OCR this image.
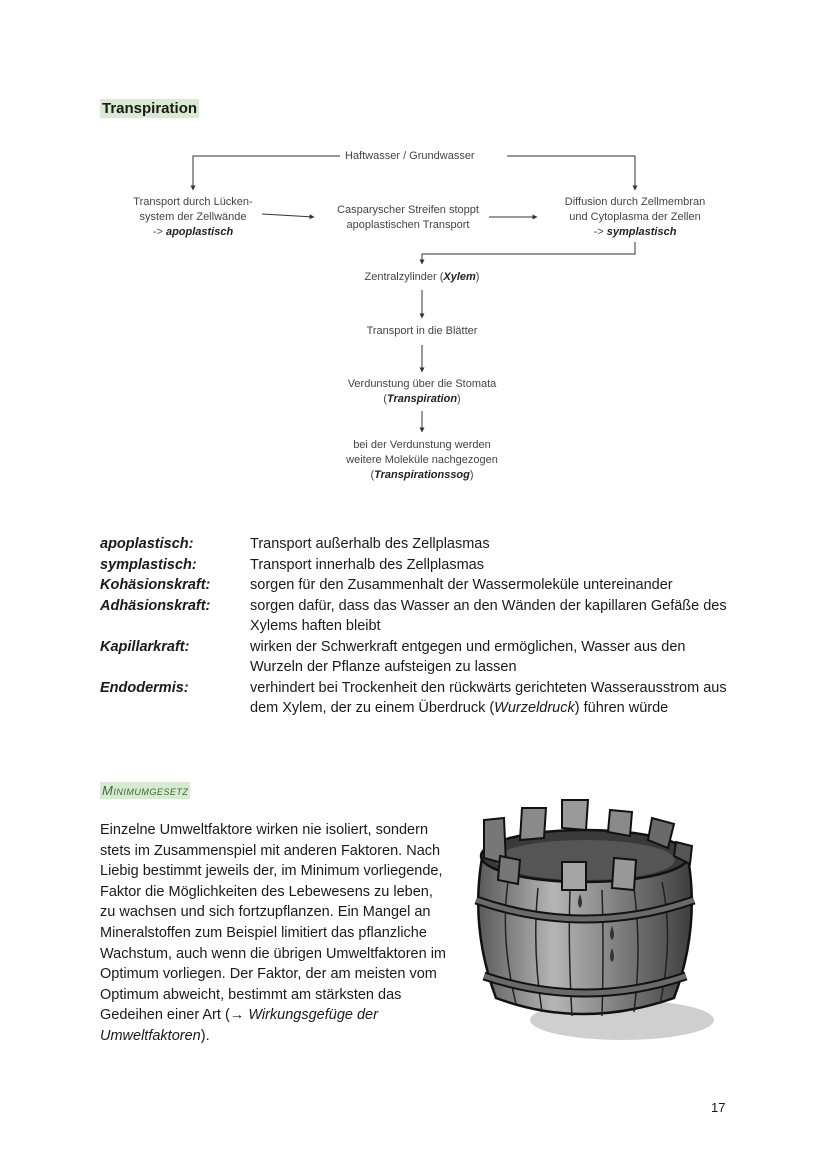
Transpiration
Haftwasser / Grundwasser
Transport durch Lücken-
system der Zellwände
-> apoplastisch
Casparyscher Streifen stoppt
apoplastischen Transport
Diffusion durch Zellmembran
und Cytoplasma der Zellen
-> symplastisch
Zentralzylinder (Xylem)
Transport in die Blätter
Verdunstung über die Stomata
(Transpiration)
bei der Verdunstung werden
weitere Moleküle nachgezogen
(Transpirationssog)
apoplastisch:	Transport außerhalb des Zellplasmas
symplastisch:	Transport innerhalb des Zellplasmas
Kohäsionskraft:	sorgen für den Zusammenhalt der Wassermoleküle untereinander
Adhäsionskraft:	sorgen dafür, dass das Wasser an den Wänden der kapillaren Gefäße des Xylems haften bleibt
Kapillarkraft:	wirken der Schwerkraft entgegen und ermöglichen, Wasser aus den Wurzeln der Pflanze aufsteigen zu lassen
Endodermis:	verhindert bei Trockenheit den rückwärts gerichteten Wasserausstrom aus dem Xylem, der zu einem Überdruck (Wurzeldruck) führen würde
Minimumgesetz
Einzelne Umweltfaktore wirken nie isoliert, sondern stets im Zusammenspiel mit anderen Faktoren. Nach Liebig bestimmt jeweils der, im Minimum vorliegende, Faktor die Möglichkeiten des Lebewesens zu leben, zu wachsen und sich fortzupflanzen. Ein Mangel an Mineralstoffen zum Beispiel limitiert das pflanzliche Wachstum, auch wenn die übrigen Umweltfaktoren im Optimum vorliegen. Der Faktor, der am meisten vom Optimum abweicht, bestimmt am stärksten das Gedeihen einer Art (→ Wirkungsgefüge der Umweltfaktoren).
17
